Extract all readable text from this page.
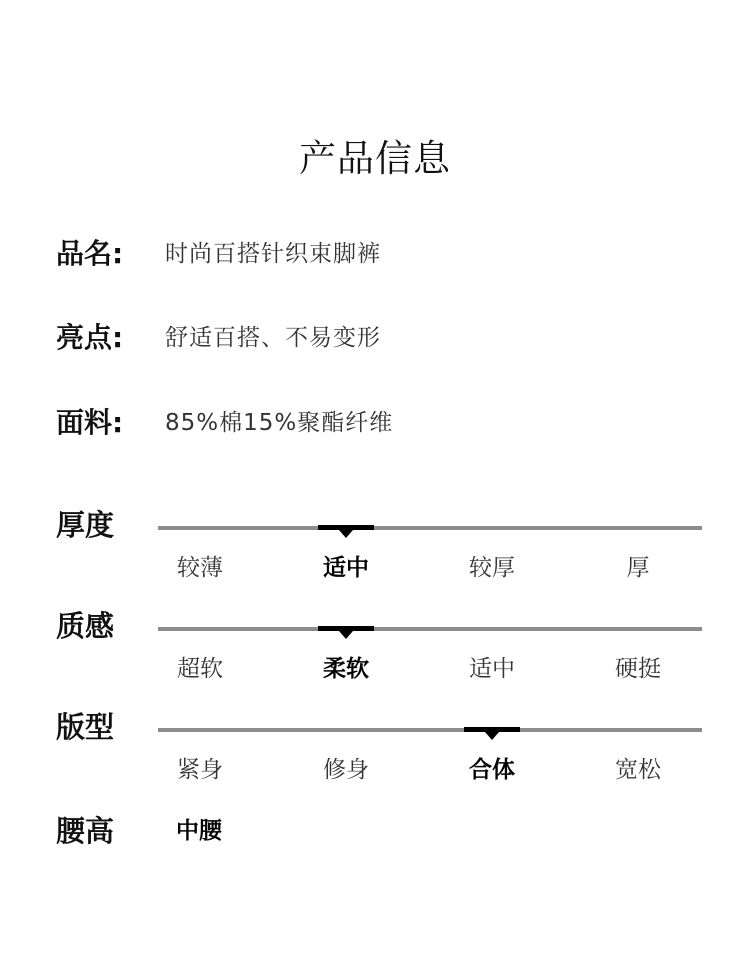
产品信息
品名: 时尚百搭针织束脚裤
亮点: 舒适百搭、不易变形
面料: 85%棉15%聚酯纤维
厚度
较薄	适中	较厚	厚
质感
超软	柔软	适中	硬挺
版型
紧身	修身	合体	宽松
腰高	中腰
